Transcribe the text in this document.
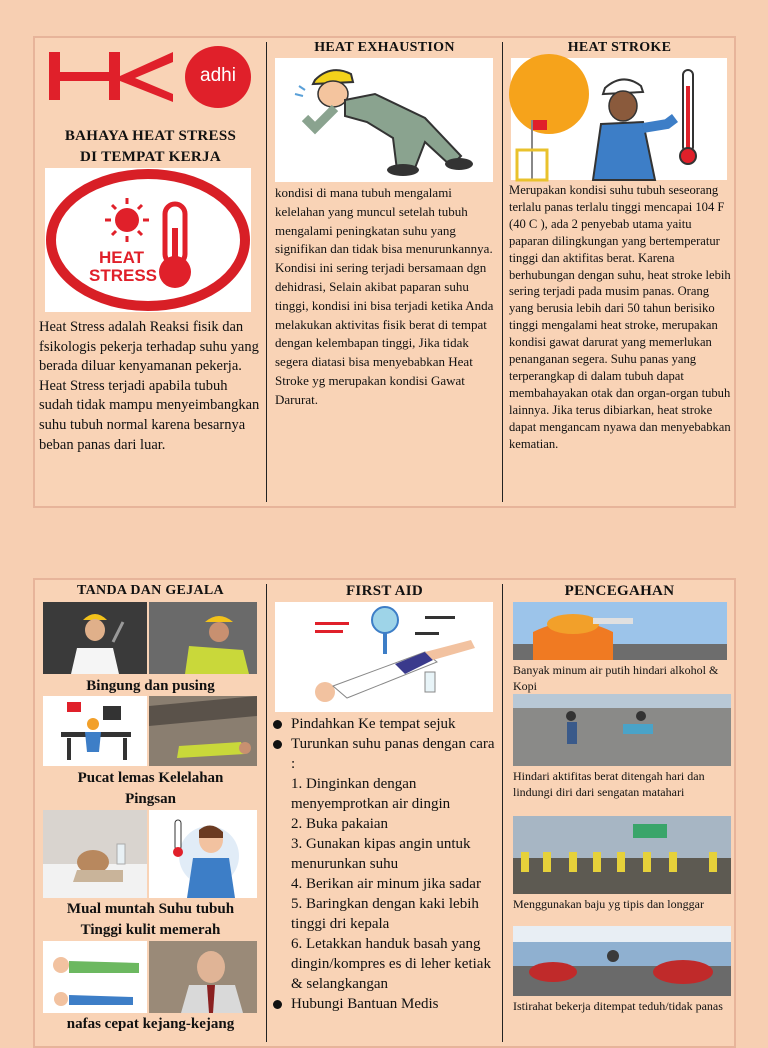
HK
adhi
BAHAYA HEAT STRESS
DI TEMPAT KERJA
HEAT
STRESS
Heat Stress adalah Reaksi fisik dan fsikologis pekerja terhadap suhu yang berada diluar kenyamanan pekerja. Heat Stress terjadi apabila tubuh sudah tidak mampu menyeimbangkan suhu tubuh normal karena besarnya beban panas dari luar.
HEAT EXHAUSTION
kondisi di mana tubuh mengalami kelelahan yang muncul setelah tubuh mengalami peningkatan suhu yang signifikan dan tidak bisa menurunkannya. Kondisi ini sering terjadi bersamaan dgn dehidrasi, Selain akibat paparan suhu tinggi, kondisi ini bisa terjadi ketika Anda melakukan aktivitas fisik berat di tempat dengan kelembapan tinggi, Jika tidak segera diatasi bisa menyebabkan Heat Stroke yg merupakan kondisi Gawat Darurat.
HEAT STROKE
Merupakan kondisi suhu tubuh seseorang terlalu panas terlalu tinggi mencapai 104 F (40 C ), ada 2 penyebab utama yaitu paparan dilingkungan yang bertemperatur tinggi dan aktifitas berat. Karena berhubungan dengan suhu, heat stroke lebih sering terjadi pada musim panas. Orang yang berusia lebih dari 50 tahun berisiko tinggi mengalami heat stroke, merupakan kondisi gawat darurat yang memerlukan penanganan segera. Suhu panas yang terperangkap di dalam tubuh dapat membahayakan otak dan organ-organ tubuh lainnya. Jika terus dibiarkan, heat stroke dapat mengancam nyawa dan menyebabkan kematian.
TANDA DAN GEJALA
Bingung dan pusing
Pucat lemas Kelelahan
Pingsan
Mual muntah Suhu tubuh
Tinggi kulit memerah
nafas cepat kejang-kejang
FIRST AID
Pindahkan Ke tempat sejuk
Turunkan suhu panas dengan cara :
1. Dinginkan dengan menyemprotkan air dingin
2. Buka pakaian
3. Gunakan kipas angin untuk menurunkan suhu
4. Berikan air minum jika sadar
5. Baringkan dengan kaki lebih tinggi dri kepala
6. Letakkan handuk basah yang dingin/kompres es di leher ketiak & selangkangan
Hubungi Bantuan Medis
PENCEGAHAN
Banyak minum air putih hindari alkohol & Kopi
Hindari aktifitas berat ditengah hari dan lindungi diri dari sengatan matahari
Menggunakan baju yg tipis dan longgar
Istirahat bekerja ditempat teduh/tidak panas
